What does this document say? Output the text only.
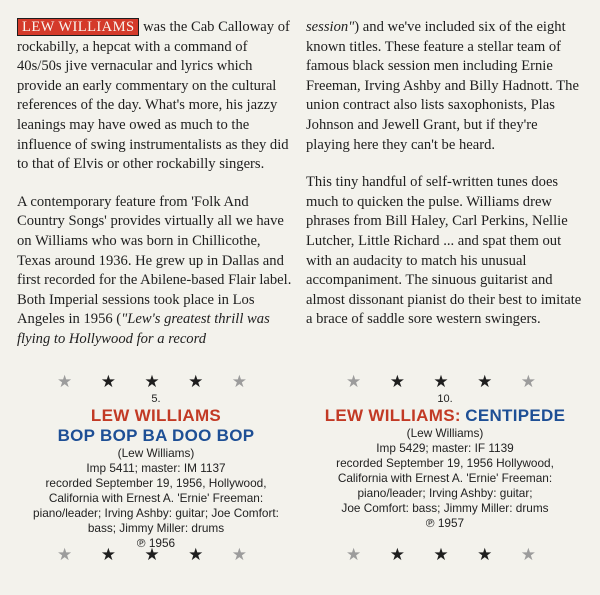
LEW WILLIAMS was the Cab Calloway of rockabilly, a hepcat with a command of 40s/50s jive vernacular and lyrics which provide an early commentary on the cultural references of the day. What's more, his jazzy leanings may have owed as much to the influence of swing instrumentalists as they did to that of Elvis or other rockabilly singers.

A contemporary feature from 'Folk And Country Songs' provides virtually all we have on Williams who was born in Chillicothe, Texas around 1936. He grew up in Dallas and first recorded for the Abilene-based Flair label. Both Imperial sessions took place in Los Angeles in 1956 ("Lew's greatest thrill was flying to Hollywood for a record

session") and we've included six of the eight known titles. These feature a stellar team of famous black session men including Ernie Freeman, Irving Ashby and Billy Hadnott. The union contract also lists saxophonists, Plas Johnson and Jewell Grant, but if they're playing here they can't be heard.

This tiny handful of self-written tunes does much to quicken the pulse. Williams drew phrases from Bill Haley, Carl Perkins, Nellie Lutcher, Little Richard ... and spat them out with an audacity to match his unusual accompaniment. The sinuous guitarist and almost dissonant pianist do their best to imitate a brace of saddle sore western swingers.

★ ★ ★ ★ ★
★ ★ ★ ★ ★
★ ★ ★ ★ ★
★ ★ ★ ★ ★
5.
LEW WILLIAMS
BOP BOP BA DOO BOP
(Lew Williams)
Imp 5411; master: IM 1137
recorded September 19, 1956, Hollywood,
California with Ernest A. 'Ernie' Freeman:
piano/leader; Irving Ashby: guitar; Joe Comfort:
bass; Jimmy Miller: drums
℗ 1956
10.
LEW WILLIAMS: CENTIPEDE
(Lew Williams)
Imp 5429; master: IF 1139
recorded September 19, 1956 Hollywood,
California with Ernest A. 'Ernie' Freeman:
piano/leader; Irving Ashby: guitar;
Joe Comfort: bass; Jimmy Miller: drums
℗ 1957
